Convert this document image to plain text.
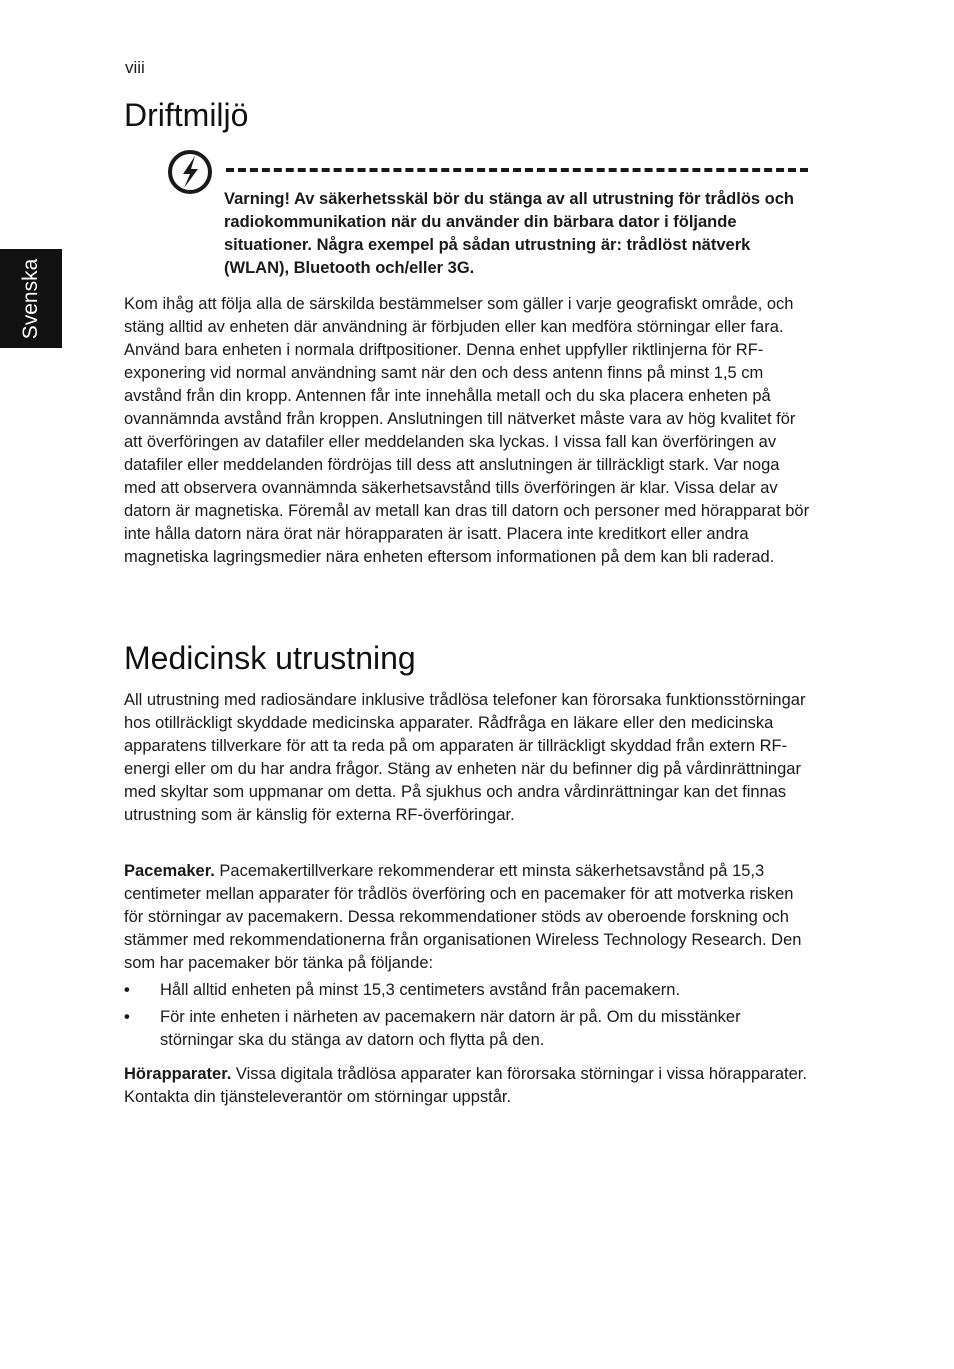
viii
Svenska
Driftmiljö

Varning! Av säkerhetsskäl bör du stänga av all utrustning för trådlös och radiokommunikation när du använder din bärbara dator i följande situationer. Några exempel på sådan utrustning är: trådlöst nätverk (WLAN), Bluetooth och/eller 3G.

Kom ihåg att följa alla de särskilda bestämmelser som gäller i varje geografiskt område, och stäng alltid av enheten där användning är förbjuden eller kan medföra störningar eller fara. Använd bara enheten i normala driftpositioner. Denna enhet uppfyller riktlinjerna för RF-exponering vid normal användning samt när den och dess antenn finns på minst 1,5 cm avstånd från din kropp. Antennen får inte innehålla metall och du ska placera enheten på ovannämnda avstånd från kroppen. Anslutningen till nätverket måste vara av hög kvalitet för att överföringen av datafiler eller meddelanden ska lyckas. I vissa fall kan överföringen av datafiler eller meddelanden fördröjas till dess att anslutningen är tillräckligt stark. Var noga med att observera ovannämnda säkerhetsavstånd tills överföringen är klar. Vissa delar av datorn är magnetiska. Föremål av metall kan dras till datorn och personer med hörapparat bör inte hålla datorn nära örat när hörapparaten är isatt. Placera inte kreditkort eller andra magnetiska lagringsmedier nära enheten eftersom informationen på dem kan bli raderad.

Medicinsk utrustning

All utrustning med radiosändare inklusive trådlösa telefoner kan förorsaka funktionsstörningar hos otillräckligt skyddade medicinska apparater. Rådfråga en läkare eller den medicinska apparatens tillverkare för att ta reda på om apparaten är tillräckligt skyddad från extern RF-energi eller om du har andra frågor. Stäng av enheten när du befinner dig på vårdinrättningar med skyltar som uppmanar om detta. På sjukhus och andra vårdinrättningar kan det finnas utrustning som är känslig för externa RF-överföringar.

Pacemaker. Pacemakertillverkare rekommenderar ett minsta säkerhetsavstånd på 15,3 centimeter mellan apparater för trådlös överföring och en pacemaker för att motverka risken för störningar av pacemakern. Dessa rekommendationer stöds av oberoende forskning och stämmer med rekommendationerna från organisationen Wireless Technology Research. Den som har pacemaker bör tänka på följande:

• Håll alltid enheten på minst 15,3 centimeters avstånd från pacemakern.
• För inte enheten i närheten av pacemakern när datorn är på. Om du misstänker störningar ska du stänga av datorn och flytta på den.

Hörapparater. Vissa digitala trådlösa apparater kan förorsaka störningar i vissa hörapparater. Kontakta din tjänsteleverantör om störningar uppstår.
